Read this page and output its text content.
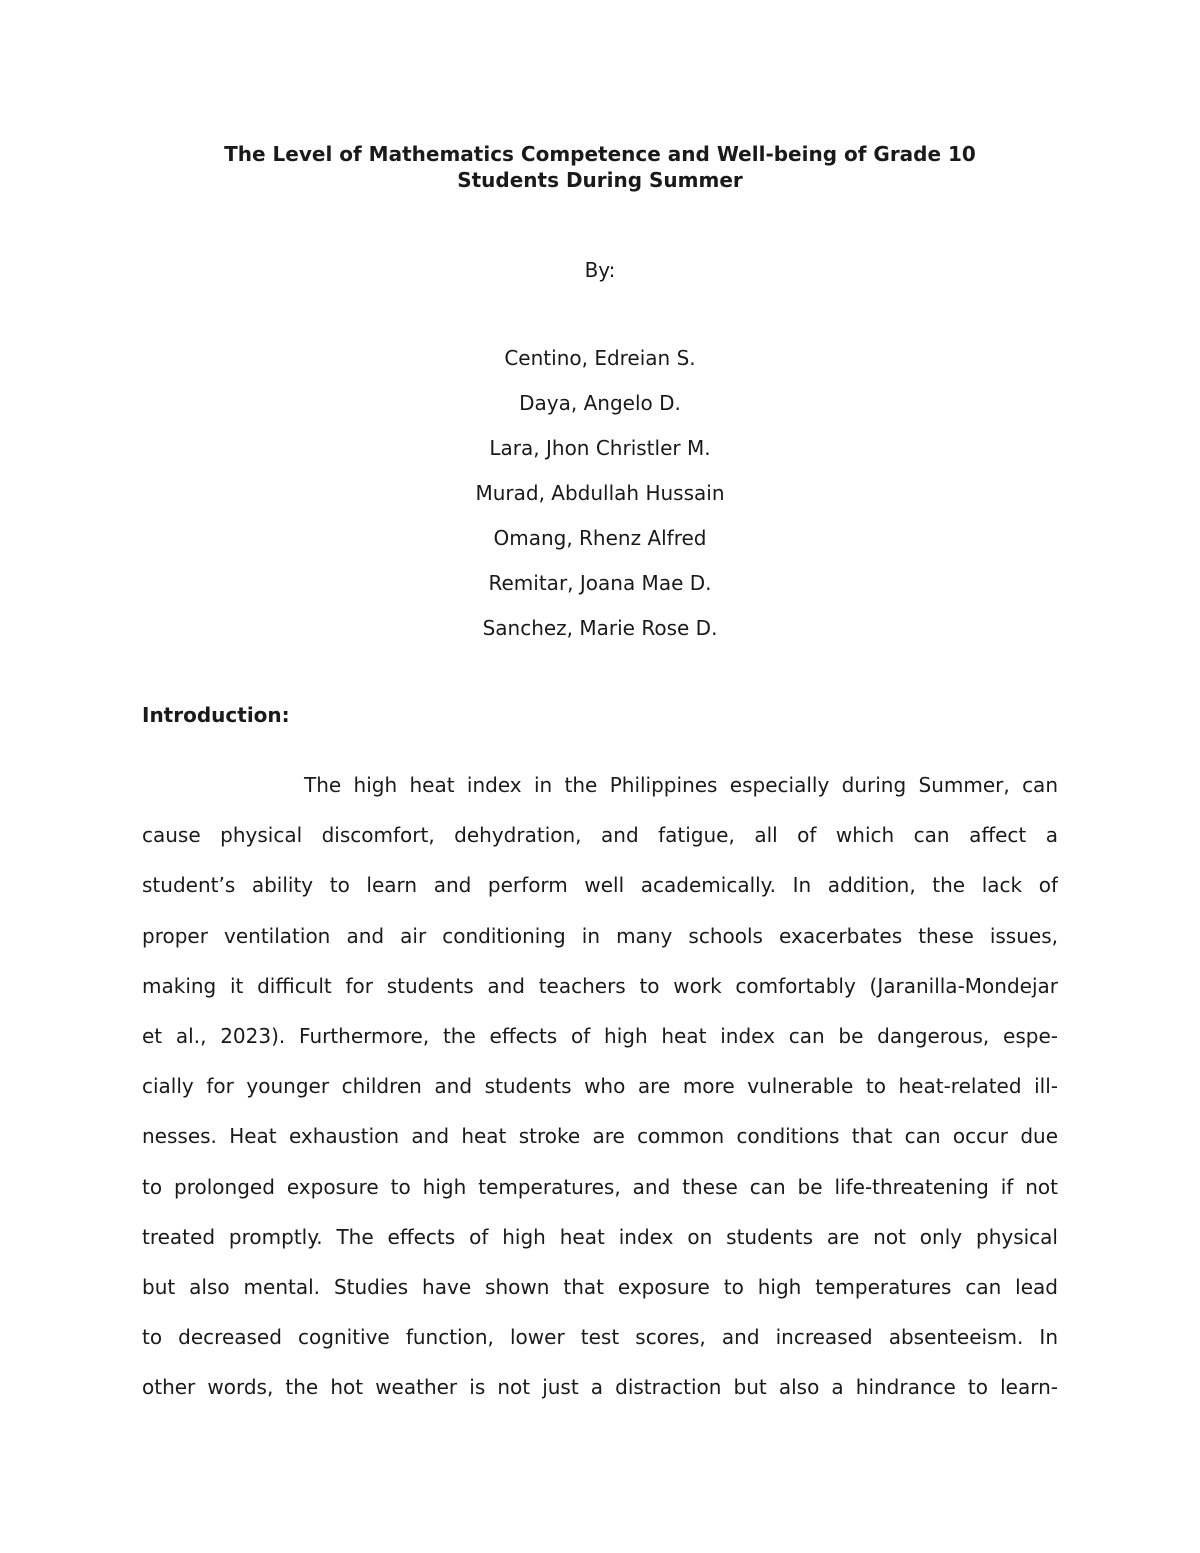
The Level of Mathematics Competence and Well-being of Grade 10
Students During Summer
By:
Centino, Edreian S.
Daya, Angelo D.
Lara, Jhon Christler M.
Murad, Abdullah Hussain
Omang, Rhenz Alfred
Remitar, Joana Mae D.
Sanchez, Marie Rose D.
Introduction:
The high heat index in the Philippines especially during Summer, can
cause physical discomfort, dehydration, and fatigue, all of which can affect a
student’s ability to learn and perform well academically. In addition, the lack of
proper ventilation and air conditioning in many schools exacerbates these issues,
making it difficult for students and teachers to work comfortably (Jaranilla-Mondejar
et al., 2023). Furthermore, the effects of high heat index can be dangerous, espe-
cially for younger children and students who are more vulnerable to heat-related ill-
nesses. Heat exhaustion and heat stroke are common conditions that can occur due
to prolonged exposure to high temperatures, and these can be life-threatening if not
treated promptly. The effects of high heat index on students are not only physical
but also mental. Studies have shown that exposure to high temperatures can lead
to decreased cognitive function, lower test scores, and increased absenteeism. In
other words, the hot weather is not just a distraction but also a hindrance to learn-
